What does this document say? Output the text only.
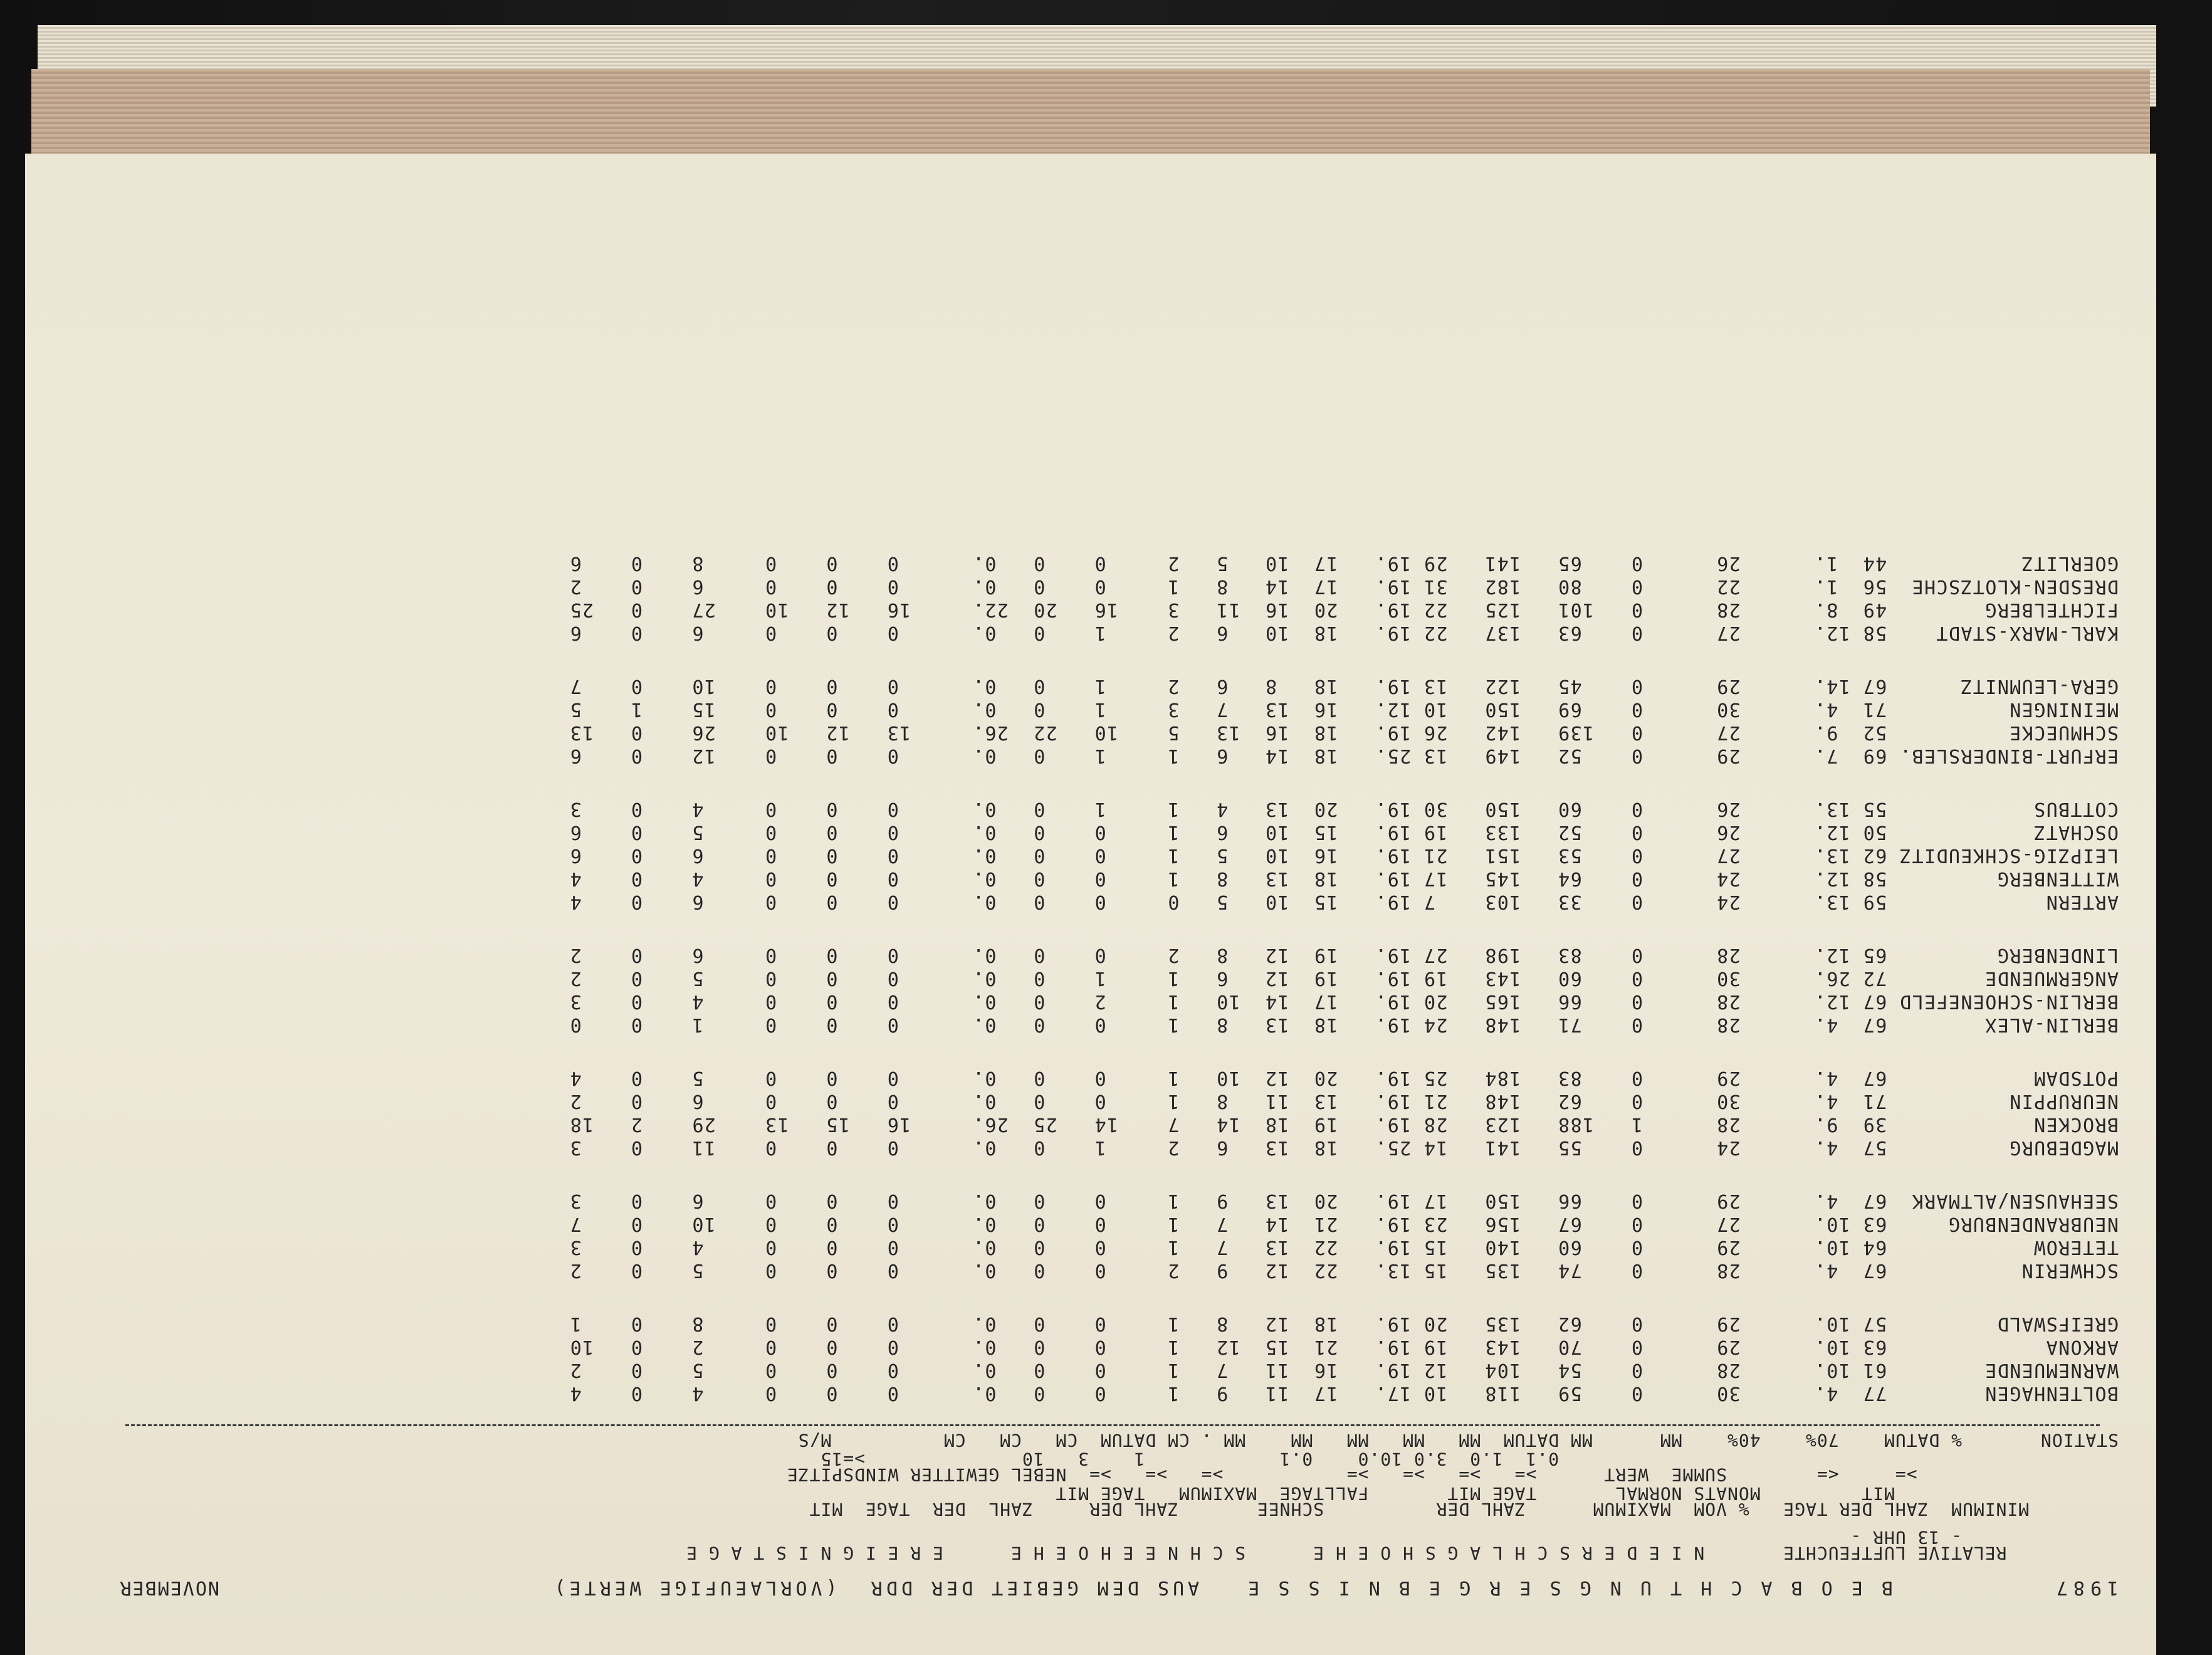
1987
B E O B A C H T U N G S E R G E B N I S S E   AUS DEM GEBIET DER DDR  (VORLAEUFIGE WERTE)
NOVEMBER
RELATIVE LUFTFEUCHTE       N I E D E R S C H L A G S H O E H E      S C H N E E H O E H E      E R E I G N I S T A G E
- 13 UHR -
MINIMUM  ZAHL DER TAGE   % VOM  MAXIMUM      ZAHL DER          SCHNEE       ZAHL DER     ZAHL  DER  TAGE  MIT
MIT         MONATS NORMAL       TAGE MIT       FALLTAGE  MAXIMUM   TAGE MIT
>=     <=        SUMME  WERT      >=   >=   >=   >=           >=   >=   >=  NEBEL GEWITTER WINDSPITZE
0.1  1.0  3.0 10.0    0.1            1    3   10              >=15
STATION       % DATUM    70%    40%    MM      MM DATUM  MM   MM   MM   MM    MM . CM DATUM  CM   CM   CM          M/S
BOLTENHAGEN        77  4.      30      0    59   118   10 17.   17  11   9   1     0    0   0.      0    0    0     4    0    4
WARNEMUENDE        61 10.      28      0    54   104   12 19.   16  11   7   1     0    0   0.      0    0    0     5    0    2
ARKONA             63 10.      29      0    70   143   19 19.   21  15  12   1     0    0   0.      0    0    0     2    0   10
GREIFSWALD         57 10.      29      0    62   135   20 19.   18  12   8   1     0    0   0.      0    0    0     8    0    1
SCHWERIN           67  4.      28      0    74   135   15 13.   22  12   9   2     0    0   0.      0    0    0     5    0    2
TETEROW            64 10.      29      0    60   140   15 19.   22  13   7   1     0    0   0.      0    0    0     4    0    3
NEUBRANDENBURG     63 10.      27      0    67   156   23 19.   21  14   7   1     0    0   0.      0    0    0    10    0    7
SEEHAUSEN/ALTMARK  67  4.      29      0    66   150   17 19.   20  13   9   1     0    0   0.      0    0    0     6    0    3
MAGDEBURG          57  4.      24      0    55   141   14 25.   18  13   6   2     1    0   0.      0    0    0    11    0    3
BROCKEN            39  9.      28      1   188   123   28 19.   19  18  14   7    14   25  26.     16   15   13    29    2   18
NEURUPPIN          71  4.      30      0    62   148   21 19.   13  11   8   1     0    0   0.      0    0    0     6    0    2
POTSDAM            67  4.      29      0    83   184   25 19.   20  12  10   1     0    0   0.      0    0    0     5    0    4
BERLIN-ALEX        67  4.      28      0    71   148   24 19.   18  13   8   1     0    0   0.      0    0    0     1    0    0
BERLIN-SCHOENEFELD 67 12.      28      0    66   165   20 19.   17  14  10   1     2    0   0.      0    0    0     4    0    3
ANGERMUENDE        72 26.      30      0    60   143   19 19.   19  12   6   1     1    0   0.      0    0    0     5    0    2
LINDENBERG         65 12.      28      0    83   198   27 19.   19  12   8   2     0    0   0.      0    0    0     6    0    2
ARTERN             59 13.      24      0    33   103    7 19.   15  10   5   0     0    0   0.      0    0    0     6    0    4
WITTENBERG         58 12.      24      0    64   145   17 19.   18  13   8   1     0    0   0.      0    0    0     4    0    4
LEIPZIG-SCHKEUDITZ 62 13.      27      0    53   151   21 19.   16  10   5   1     0    0   0.      0    0    0     6    0    6
OSCHATZ            50 12.      26      0    52   133   19 19.   15  10   6   1     0    0   0.      0    0    0     5    0    6
COTTBUS            55 13.      26      0    60   150   30 19.   20  13   4   1     1    0   0.      0    0    0     4    0    3
ERFURT-BINDERSLEB. 69  7.      29      0    52   149   13 25.   18  14   6   1     1    0   0.      0    0    0    12    0    6
SCHMUECKE          52  9.      27      0   139   142   26 19.   18  16  13   5    10   22  26.     13   12   10    26    0   13
MEININGEN          71  4.      30      0    69   150   10 12.   16  13   7   3     1    0   0.      0    0    0    15    1    5
GERA-LEUMNITZ      67 14.      29      0    45   122   13 19.   18   8   6   2     1    0   0.      0    0    0    10    0    7
KARL-MARX-STADT    58 12.      27      0    63   137   22 19.   18  10   6   2     1    0   0.      0    0    0     6    0    6
FICHTELBERG        49  8.      28      0   101   125   22 19.   20  16  11   3    16   20  22.     16   12   10    27    0   25
DRESDEN-KLOTZSCHE  56  1.      22      0    80   182   31 19.   17  14   8   1     0    0   0.      0    0    0     6    0    2
GOERLITZ           44  1.      26      0    65   141   29 19.   17  10   5   2     0    0   0.      0    0    0     8    0    6
